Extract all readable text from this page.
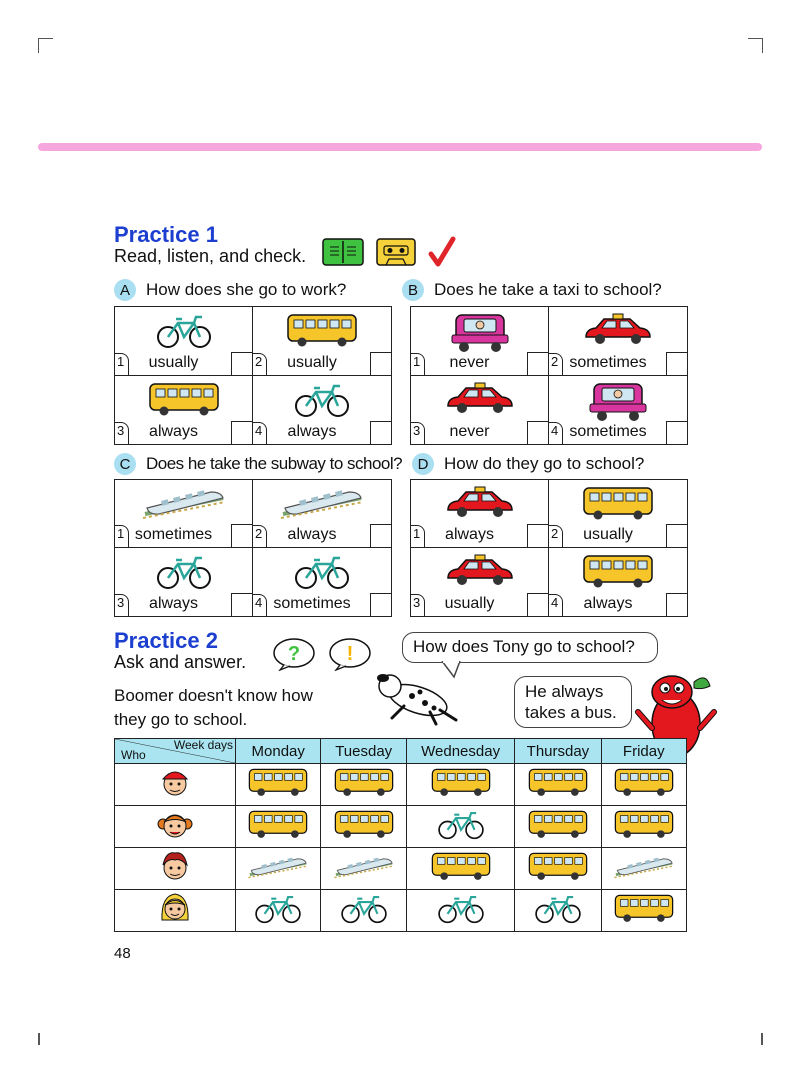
Practice 1
Read, listen, and check.
A How does she go to work?	B Does he take a taxi to school?
C Does he take the subway to school?	D How do they go to school?
1	usually	2	usually
3	always	4	always
1	never	2 sometimes
3	never	4 sometimes
1 sometimes	2	always
3	always	4 sometimes
1	always	2	usually
3	usually	4	always
Practice 2
Ask and answer. ? !
Boomer doesn't know how
they go to school.
How does Tony go to school?
He always
takes a bus.
Week days
Who	Monday	Tuesday	Wednesday	Thursday	Friday

48
